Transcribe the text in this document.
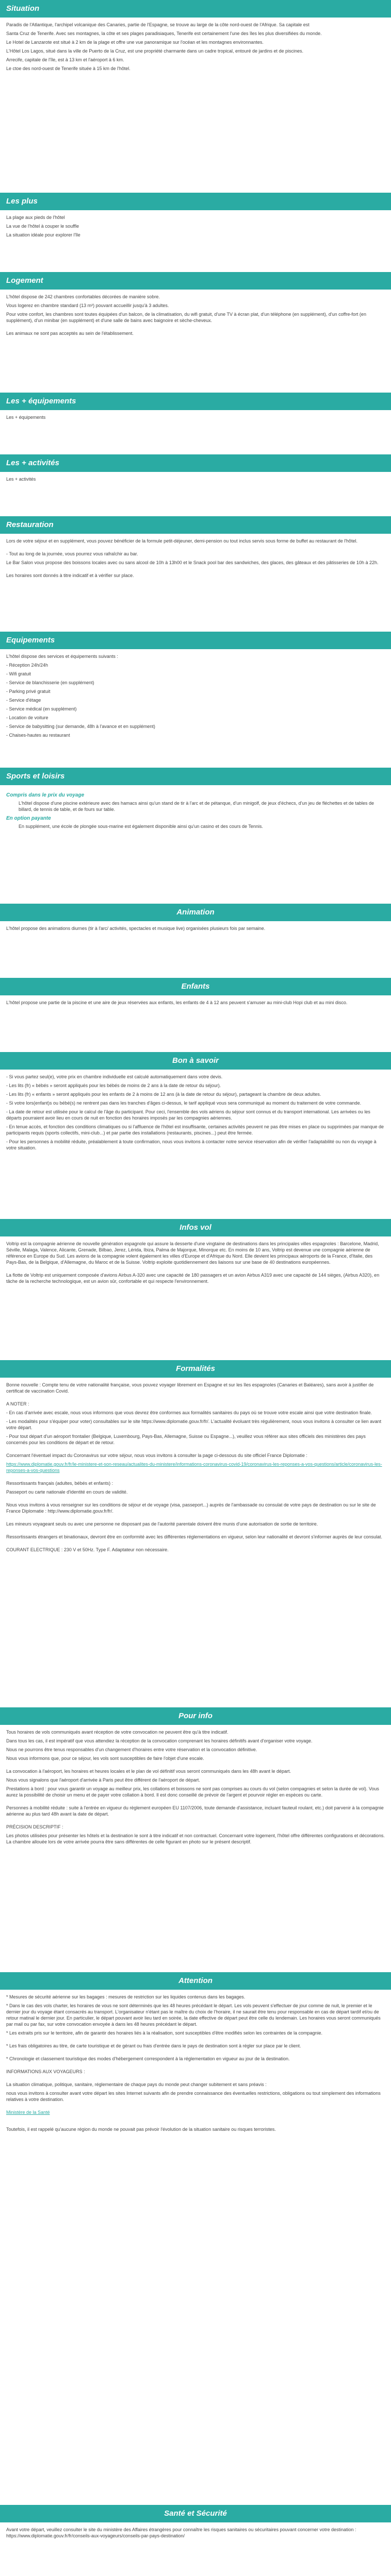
Situation

Paradis de l'Atlantique, l'archipel volcanique des Canaries, partie de l'Espagne, se trouve au large de la côte nord-ouest de l'Afrique. Sa capitale est

Santa Cruz de Tenerife. Avec ses montagnes, la côte et ses plages paradisiaques, Tenerife est certainement l'une des îles les plus diversifiées du monde.

Le Hotel de Lanzarote est situé à 2 km de la plage et offre une vue panoramique sur l'océan et les montagnes environnantes.

L'Hôtel Los Lagos, situé dans la ville de Puerto de la Cruz, est une propriété charmante dans un cadre tropical, entouré de jardins et de piscines.

Arrecife, capitale de l'île, est à 13 km et l'aéroport à 6 km.

Le ctoe des nord-ouest de Tenerife située à 15 km de l'hôtel.

Les plus

La plage aux pieds de l'hôtel

La vue de l'hôtel à couper le souffle

La situation idéale pour explorer l'île

Logement

L'hôtel dispose de 242 chambres confortables décorées de manière sobre.

Vous logerez en chambre standard (13 m²) pouvant accueillir jusqu'à 3 adultes.

Pour votre confort, les chambres sont toutes équipées d'un balcon, de la climatisation, du wifi gratuit, d'une TV à écran plat, d'un téléphone (en supplément), d'un coffre-fort (en supplément), d'un minibar (en supplément) et d'une salle de bains avec baignoire et sèche-cheveux.

Les animaux ne sont pas acceptés au sein de l'établissement.

Les + équipements

Les + équipements

Les + activités

Les + activités

Restauration

Lors de votre séjour et en supplément, vous pouvez bénéficier de la formule petit-déjeuner, demi-pension ou tout inclus servis sous forme de buffet au restaurant de l'hôtel.

- Tout au long de la journée, vous pourrez vous rafraîchir au bar.

Le Bar Salon vous propose des boissons locales avec ou sans alcool de 10h à 13h00 et le Snack pool bar des sandwiches, des glaces, des gâteaux et des pâtisseries de 10h à 22h.

Les horaires sont donnés à titre indicatif et à vérifier sur place.

Equipements

L'hôtel dispose des services et équipements suivants :

- Réception 24h/24h

- Wifi gratuit

- Service de blanchisserie (en supplément)

- Parking privé gratuit

- Service d'étage

- Service médical (en supplément)

- Location de voiture

- Service de babysitting (sur demande, 48h à l'avance et en supplément)

- Chaises-hautes au restaurant

Sports et loisirs
Compris dans le prix du voyage

L'hôtel dispose d'une piscine extérieure avec des hamacs ainsi qu'un stand de tir à l'arc et de pétanque, d'un minigolf, de jeux d'échecs, d'un jeu de fléchettes et de tables de billard, de tennis de table, et de fours sur table.

En option payante

En supplément, une école de plongée sous-marine est également disponible ainsi qu'un casino et des cours de Tennis.

Animation

L'hôtel propose des animations diurnes (tir à l'arc/ activités, spectacles et musique live) organisées plusieurs fois par semaine.

Enfants

L'hôtel propose une partie de la piscine et une aire de jeux réservées aux enfants, les enfants de 4 à 12 ans peuvent s'amuser au mini-club Hopi club et au mini disco.

Bon à savoir

- Si vous partez seul(e), votre prix en chambre individuelle est calculé automatiquement dans votre devis.

- Les lits (fr) « bébés » seront appliqués pour les bébés de moins de 2 ans à la date de retour du séjour).

- Les lits (fr) « enfants » seront appliqués pour les enfants de 2 à moins de 12 ans (à la date de retour du séjour), partageant la chambre de deux adultes.

- Si votre lors(enfant)s ou bébé(s) ne rentrent pas dans les tranches d'âges ci-dessus, le tarif appliqué vous sera communiqué au moment du traitement de votre commande.

- La date de retour est utilisée pour le calcul de l'âge du participant. Pour ceci, l'ensemble des vols aériens du séjour sont connus et du transport international. Les arrivées ou les départs pourraient avoir lieu en cours de nuit en fonction des horaires imposés par les compagnies aériennes.

- En tenue accès, et fonction des conditions climatiques ou si l'affluence de l'hôtel est insuffisante, certaines activités peuvent ne pas être mises en place ou supprimées par manque de participants requis (sports collectifs, mini-club...) et par partie des installations (restaurants, piscines...) peut être fermée.

- Pour les personnes à mobilité réduite, préalablement à toute confirmation, nous vous invitons à contacter notre service réservation afin de vérifier l'adaptabilité ou non du voyage à votre situation.

Infos vol

Voltrip est la compagnie aérienne de nouvelle génération espagnole qui assure la desserte d'une vingtaine de destinations dans les principales villes espagnoles : Barcelone, Madrid, Séville, Malaga, Valence, Alicante, Grenade, Bilbao, Jerez, Lérida, Ibiza, Palma de Majorque, Minorque etc. En moins de 10 ans, Voltrip est devenue une compagnie aérienne de référence en Europe du Sud. Les avions de la compagnie volent également les villes d'Europe et d'Afrique du Nord. Elle devient les principaux aéroports de la France, d'Italie, des Pays-Bas, de la Belgique, d'Allemagne, du Maroc et de la Suisse. Voltrip exploite quotidiennement des liaisons sur une base de 40 destinations européennes.

La flotte de Voltrip est uniquement composée d'avions Airbus A-320 avec une capacité de 180 passagers et un avion Airbus A319 avec une capacité de 144 sièges, (Airbus A320), en tâche de la recherche technologique, est un avion sûr, confortable et qui respecte l'environnement.

Formalités

Bonne nouvelle : Compte tenu de votre nationalité française, vous pouvez voyager librement en Espagne et sur les îles espagnoles (Canaries et Baléares), sans avoir à justifier de certificat de vaccination Covid.

A NOTER :

- En cas d'arrivée avec escale, nous vous informons que vous devrez être conformes aux formalités sanitaires du pays où se trouve votre escale ainsi que votre destination finale.

- Les modalités pour s'équiper pour voter) consultables sur le site https://www.diplomatie.gouv.fr/fr/. L'actualité évoluant très régulièrement, nous vous invitons à consulter ce lien avant votre départ.

- Pour tout départ d'un aéroport frontalier (Belgique, Luxembourg, Pays-Bas, Allemagne, Suisse ou Espagne...), veuillez vous référer aux sites officiels des ministères des pays concernés pour les conditions de départ et de retour.

Concernant l'éventuel impact du Coronavirus sur votre séjour, nous vous invitons à consulter la page ci-dessous du site officiel France Diplomatie :

https://www.diplomatie.gouv.fr/fr/le-ministere-et-son-reseau/actualites-du-ministere/informations-coronavirus-covid-19/coronavirus-les-reponses-a-vos-questions/article/coronavirus-les-reponses-a-vos-questions

Ressortissants français (adultes, bébés et enfants) :

Passeport ou carte nationale d'identité en cours de validité.

Nous vous invitons à vous renseigner sur les conditions de séjour et de voyage (visa, passeport...) auprès de l'ambassade ou consulat de votre pays de destination ou sur le site de France Diplomatie : http://www.diplomatie.gouv.fr/fr/.

Les mineurs voyageant seuls ou avec une personne ne disposant pas de l'autorité parentale doivent être munis d'une autorisation de sortie de territoire.

Ressortissants étrangers et binationaux, devront être en conformité avec les différentes réglementations en vigueur, selon leur nationalité et devront s'informer auprès de leur consulat.

COURANT ELECTRIQUE : 230 V et 50Hz. Type F. Adaptateur non nécessaire.

Pour info

Tous horaires de vols communiqués avant réception de votre convocation ne peuvent être qu'à titre indicatif.

Dans tous les cas, il est impératif que vous attendiez la réception de la convocation comprenant les horaires définitifs avant d'organiser votre voyage.

Nous ne pourrons être tenus responsables d'un changement d'horaires entre votre réservation et la convocation définitive.

Nous vous informons que, pour ce séjour, les vols sont susceptibles de faire l'objet d'une escale.

La convocation à l'aéroport, les horaires et heures locales et le plan de vol définitif vous seront communiqués dans les 48h avant le départ.

Nous vous signalons que l'aéroport d'arrivée à Paris peut être différent de l'aéroport de départ.

Prestations à bord : pour vous garantir un voyage au meilleur prix, les collations et boissons ne sont pas comprises au cours du vol (selon compagnies et selon la durée de vol). Vous aurez la possibilité de choisir un menu et de payer votre collation à bord. Il est donc conseillé de prévoir de l'argent et pourvoir régler en espèces ou carte.

Personnes à mobilité réduite : suite à l'entrée en vigueur du règlement européen EU 1107/2006, toute demande d'assistance, incluant fauteuil roulant, etc.) doit parvenir à la compagnie aérienne au plus tard 48h avant la date de départ.

PRÉCISION DESCRIPTIF :

Les photos utilisées pour présenter les hôtels et la destination le sont à titre indicatif et non contractuel. Concernant votre logement, l'hôtel offre différentes configurations et décorations. La chambre allouée lors de votre arrivée pourra être sans différentes de celle figurant en photo sur le présent descriptif.

Attention

* Mesures de sécurité aérienne sur les bagages : mesures de restriction sur les liquides contenus dans les bagages.

* Dans le cas des vols charter, les horaires de vous ne sont déterminés que les 48 heures précédant le départ. Les vols peuvent s'effectuer de jour comme de nuit, le premier et le dernier jour du voyage étant consacrés au transport. L'organisateur n'étant pas le maître du choix de l'horaire, il ne saurait être tenu pour responsable en cas de départ tardif et/ou de retour matinal le dernier jour. En particulier, le départ pouvant avoir lieu tard en soirée, la date effective de départ peut être celle du lendemain. Les horaires vous seront communiqués par mail ou par fax, sur votre convocation envoyée à dans les 48 heures précédant le départ.

* Les extraits pris sur le territoire, afin de garantir des horaires liés à la réalisation, sont susceptibles d'être modifiés selon les contraintes de la compagnie.

* Les frais obligatoires au titre, de carte touristique et de gérant ou frais d'entrée dans le pays de destination sont à régler sur place par le client.

* Chronologie et classement touristique des modes d'hébergement correspondent à la réglementation en vigueur au jour de la destination.

INFORMATIONS AUX VOYAGEURS :

La situation climatique, politique, sanitaire, réglementaire de chaque pays du monde peut changer subitement et sans préavis :

nous vous invitons à consulter avant votre départ les sites Internet suivants afin de prendre connaissance des éventuelles restrictions, obligations ou tout simplement des informations relatives à votre destination.

Ministère de la Santé

Toutefois, il est rappelé qu'aucune région du monde ne pouvait pas prévoir l'évolution de la situation sanitaire ou risques terroristes.

Santé et Sécurité

Avant votre départ, veuillez consulter le site du ministère des Affaires étrangères pour connaître les risques sanitaires ou sécuritaires pouvant concerner votre destination : https://www.diplomatie.gouv.fr/fr/conseils-aux-voyageurs/conseils-par-pays-destination/
